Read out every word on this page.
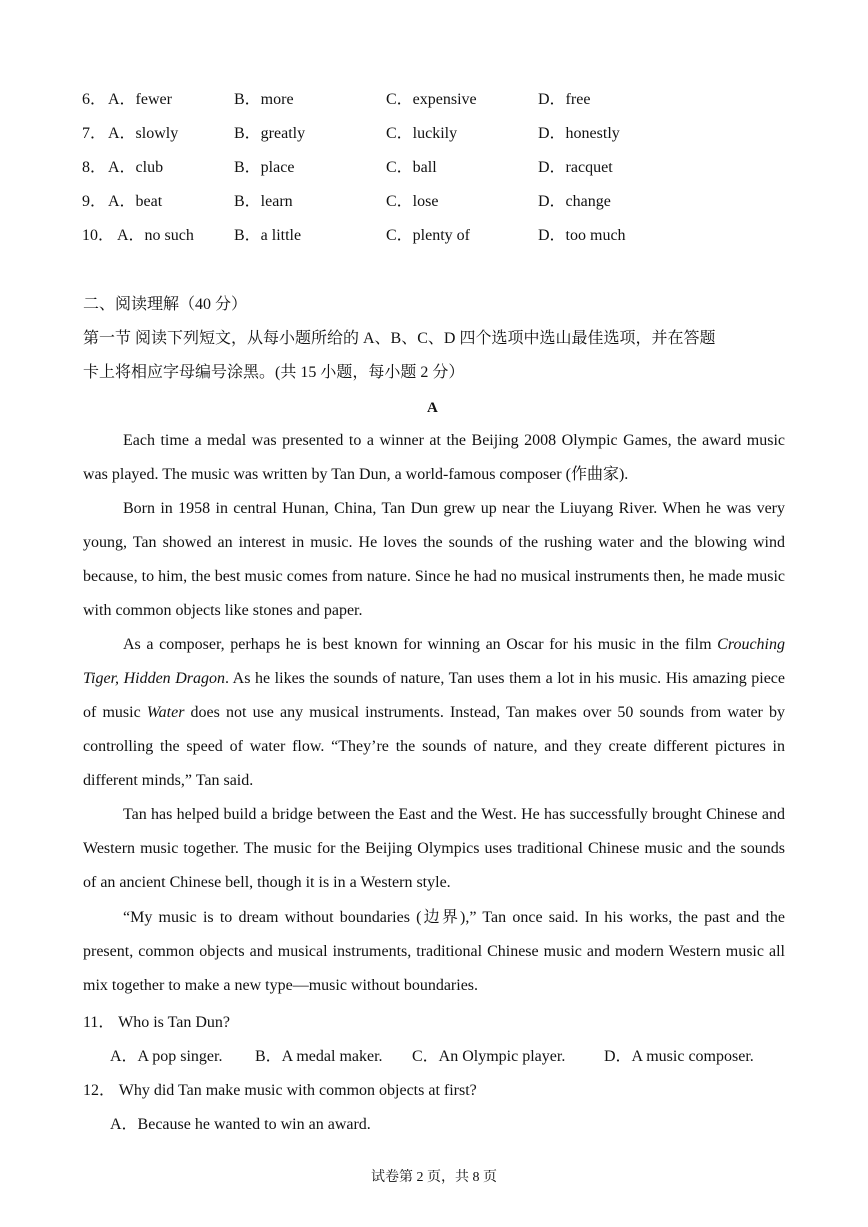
6． A．fewer	B．more	C．expensive	D．free
7． A．slowly	B．greatly	C．luckily	D．honestly
8． A．club	B．place	C．ball	D．racquet
9． A．beat	B．learn	C．lose	D．change
10． A．no such	B．a little	C．plenty of	D．too much
二、阅读理解（40 分）
第一节 阅读下列短文，从每小题所给的 A、B、C、D 四个选项中选山最佳选项，并在答题
卡上将相应字母编号涂黑。(共 15 小题，每小题 2 分）
A
Each time a medal was presented to a winner at the Beijing 2008 Olympic Games, the award music was played. The music was written by Tan Dun, a world-famous composer (作曲家).
Born in 1958 in central Hunan, China, Tan Dun grew up near the Liuyang River. When he was very young, Tan showed an interest in music. He loves the sounds of the rushing water and the blowing wind because, to him, the best music comes from nature. Since he had no musical instruments then, he made music with common objects like stones and paper.
As a composer, perhaps he is best known for winning an Oscar for his music in the film Crouching Tiger, Hidden Dragon. As he likes the sounds of nature, Tan uses them a lot in his music. His amazing piece of music Water does not use any musical instruments. Instead, Tan makes over 50 sounds from water by controlling the speed of water flow. “They’re the sounds of nature, and they create different pictures in different minds,” Tan said.
Tan has helped build a bridge between the East and the West. He has successfully brought Chinese and Western music together. The music for the Beijing Olympics uses traditional Chinese music and the sounds of an ancient Chinese bell, though it is in a Western style.
“My music is to dream without boundaries (边界),” Tan once said. In his works, the past and the present, common objects and musical instruments, traditional Chinese music and modern Western music all mix together to make a new type—music without boundaries.
11． Who is Tan Dun?
A．A pop singer. B．A medal maker. C．An Olympic player. D．A music composer.
12． Why did Tan make music with common objects at first?
A．Because he wanted to win an award.
试卷第 2 页，共 8 页
